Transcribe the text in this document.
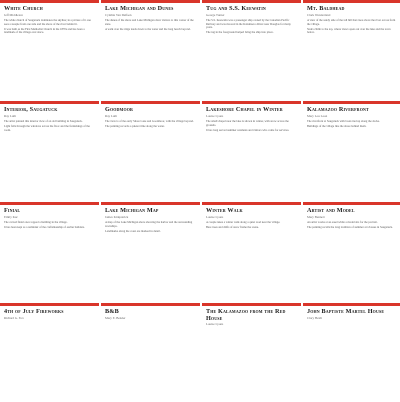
White Church
Jeff Middleton

The white church of Saugatuck dominates the skyline; in a picture of it one sees a steeple from one side and the shore of the river behind it.

It was built as the First Methodist Church in the 1870s and has been a landmark of the village ever since.

Lake Michigan and Dunes
Cynthia Van Dalfsen

The dunes of the shore and Lake Michigan draw visitors to this corner of the state.

A walk over the ridge leads down to the water and the long beach beyond.

Tug and S.S. Keewatin
George Turner

The S.S. Keewatin was a passenger ship owned by the Canadian Pacific Railway and was moored in the Kalamazoo River near Douglas for many years.

The tug in the foreground helped bring the ship into place.

Mt. Baldhead
Clark Wonderland

A view of the sandy side of the tall hill that rises above the river across from the village.

Stairs climb to the top, where views open out over the lake and the town below.

Interior, Saugatuck
Ray Luth

The artist painted this interior view of an old building in Saugatuck.

Light falls through the windows across the floor and the furnishings of the room.

Goodmoor
Ray Luth

The view is of the early Shore Lane and Goodmoor, with the village beyond.

The painting records a quieter time along the water.

Lakeshore Chapel in Winter
Louise Lyons

The small chapel near the lake is shown in winter, with snow across the grounds.

It has long served summer residents and visitors who come for services.

Kalamazoo Riverfront
Mary Lou Leon

The riverfront at Saugatuck with boats tied up along the docks.

Buildings of the village line the shore behind them.

Finial
Emily Kuc

The carved finial once topped a building in the village.

It has been kept as a reminder of the craftsmanship of earlier builders.

Lake Michigan Map
James Kirkpatrick

A map of the Lake Michigan shore showing the harbor and the surrounding townships.

Landmarks along the coast are marked in detail.

Winter Walk
Louise Lyons

A couple takes a winter walk along a quiet road near the village.

Bare trees and drifts of snow frame the scene.

Artist and Model
Mary Bennett

An artist works at an easel while a model sits for the portrait.

The painting recalls the long tradition of summer art classes in Saugatuck.

4th of July Fireworks
Richard G. Fox
B&B
Mary E. Bender
The Kalamazoo from the Red House
Louise Lyons
John Baptiste Martel House
Clary Heidi
